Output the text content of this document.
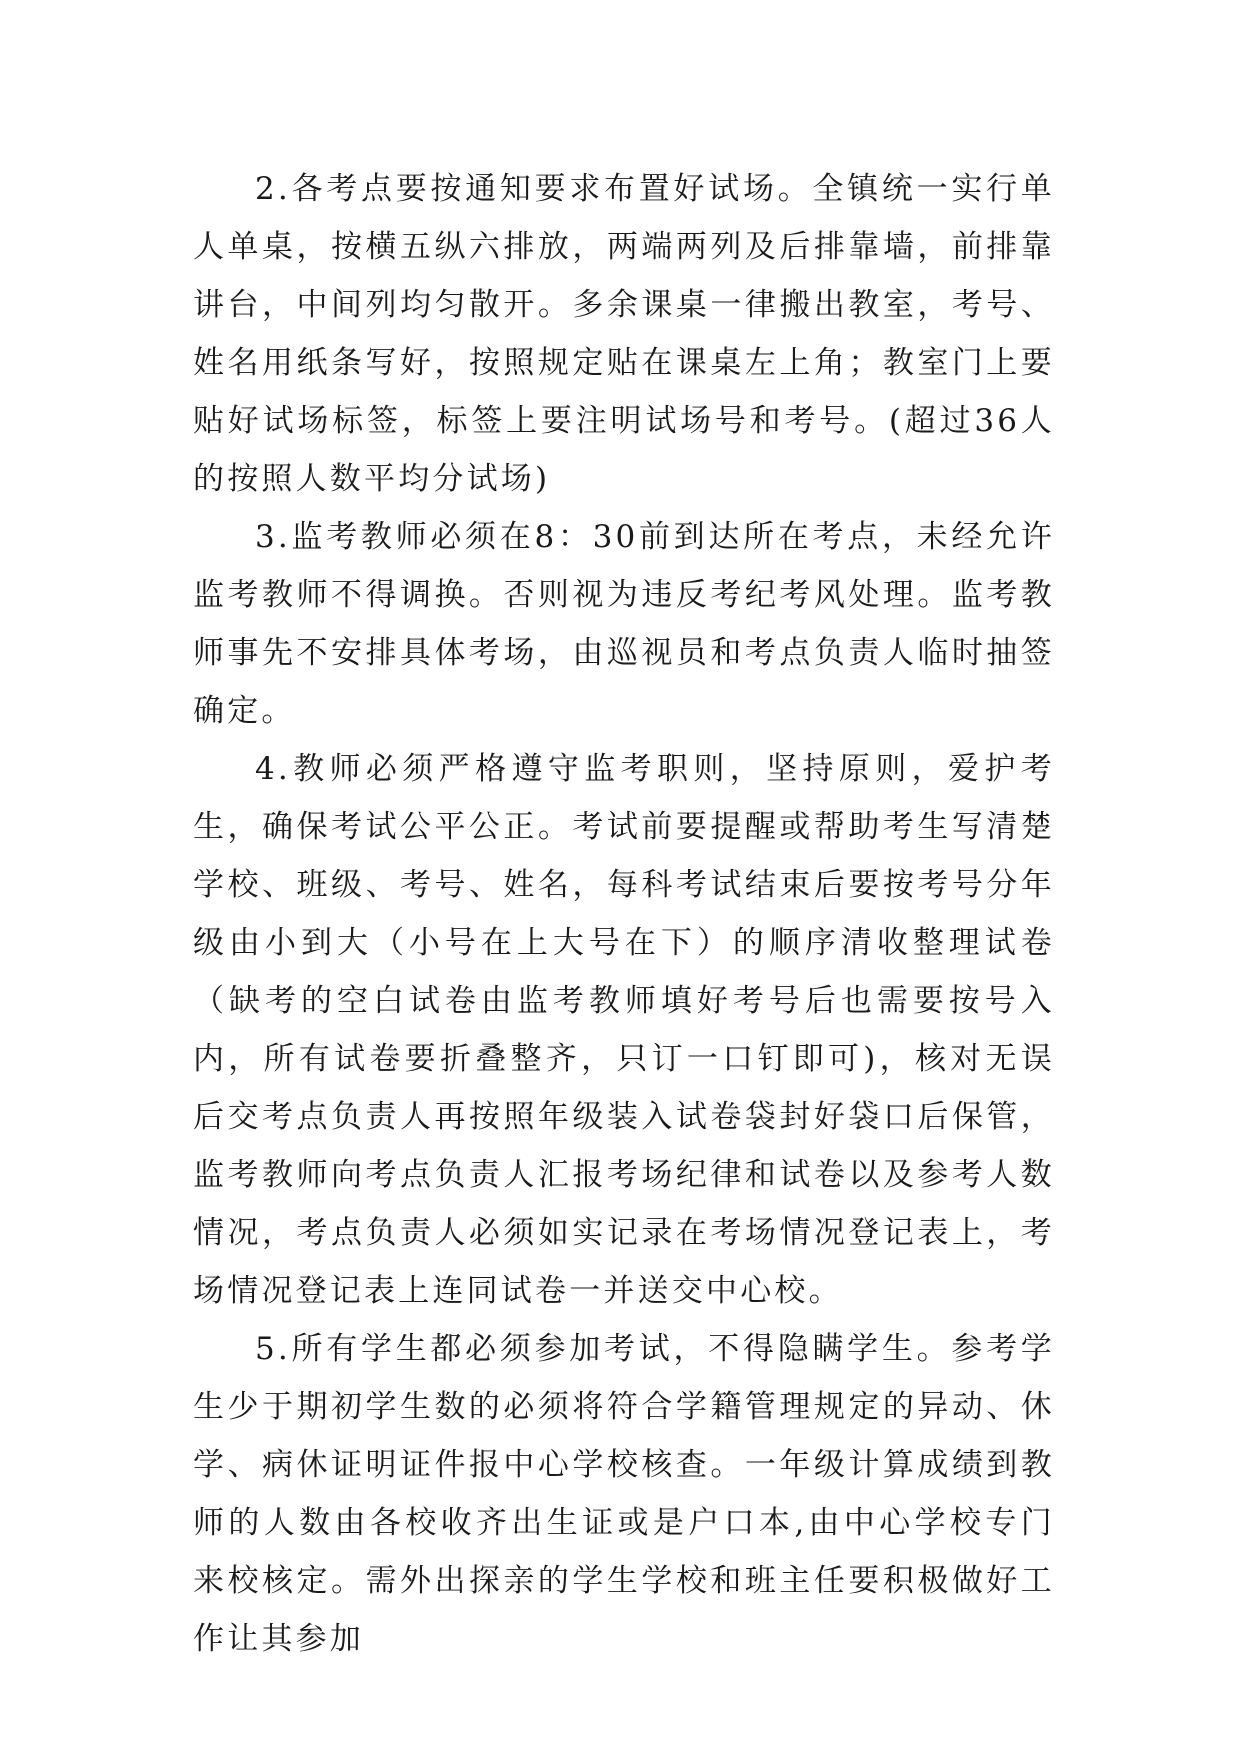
2.各考点要按通知要求布置好试场。全镇统一实行单人单桌，按横五纵六排放，两端两列及后排靠墙，前排靠讲台，中间列均匀散开。多余课桌一律搬出教室，考号、姓名用纸条写好，按照规定贴在课桌左上角；教室门上要贴好试场标签，标签上要注明试场号和考号。(超过36人的按照人数平均分试场)

3.监考教师必须在8：30前到达所在考点，未经允许监考教师不得调换。否则视为违反考纪考风处理。监考教师事先不安排具体考场，由巡视员和考点负责人临时抽签确定。

4.教师必须严格遵守监考职则，坚持原则，爱护考生，确保考试公平公正。考试前要提醒或帮助考生写清楚学校、班级、考号、姓名，每科考试结束后要按考号分年级由小到大（小号在上大号在下）的顺序清收整理试卷（缺考的空白试卷由监考教师填好考号后也需要按号入内，所有试卷要折叠整齐，只订一口钉即可)，核对无误后交考点负责人再按照年级装入试卷袋封好袋口后保管，监考教师向考点负责人汇报考场纪律和试卷以及参考人数情况，考点负责人必须如实记录在考场情况登记表上，考场情况登记表上连同试卷一并送交中心校。

5.所有学生都必须参加考试，不得隐瞒学生。参考学生少于期初学生数的必须将符合学籍管理规定的异动、休学、病休证明证件报中心学校核查。一年级计算成绩到教师的人数由各校收齐出生证或是户口本,由中心学校专门来校核定。需外出探亲的学生学校和班主任要积极做好工作让其参加
